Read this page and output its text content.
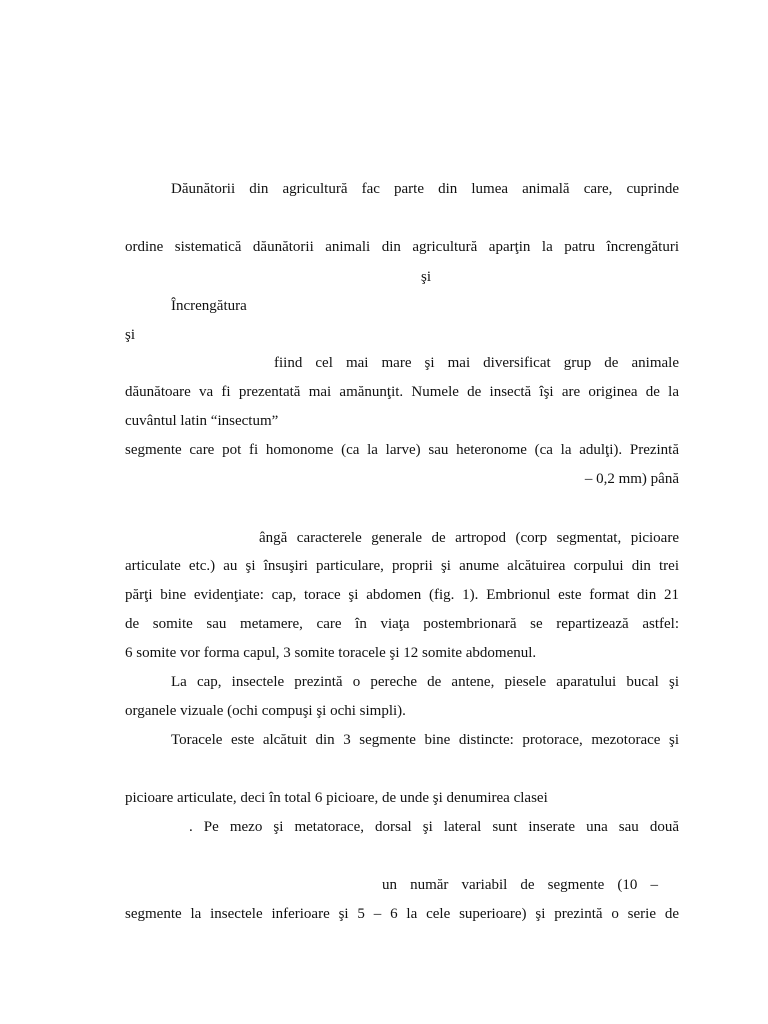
Dăunătorii din agricultură fac parte din lumea animală care, cuprinde
ordine sistematică dăunătorii animali din agricultură aparţin la patru încrengături
şi
Încrengătura
şi
fiind cel mai mare şi mai diversificat grup de animale
dăunătoare va fi prezentată mai amănunţit. Numele de insectă îşi are originea de la
cuvântul latin “insectum”
segmente care pot fi homonome (ca la larve) sau heteronome (ca la adulţi). Prezintă
– 0,2 mm) până
ângă caracterele generale de artropod (corp segmentat, picioare
articulate etc.) au şi însuşiri particulare, proprii şi anume alcătuirea corpului din trei
părţi bine evidenţiate: cap, torace şi abdomen (fig. 1). Embrionul este format din 21
de somite sau metamere, care în viaţa postembrionară se repartizează astfel:
6 somite vor forma capul, 3 somite toracele şi 12 somite abdomenul.
La cap, insectele prezintă o pereche de antene, piesele aparatului bucal şi
organele vizuale (ochi compuşi şi ochi simpli).
Toracele este alcătuit din 3 segmente bine distincte: protorace, mezotorace şi
picioare articulate, deci în total 6 picioare, de unde şi denumirea clasei
. Pe mezo şi metatorace, dorsal şi lateral sunt inserate una sau două
un număr variabil de segmente (10 –
segmente la insectele inferioare şi 5 – 6 la cele superioare) şi prezintă o serie de
